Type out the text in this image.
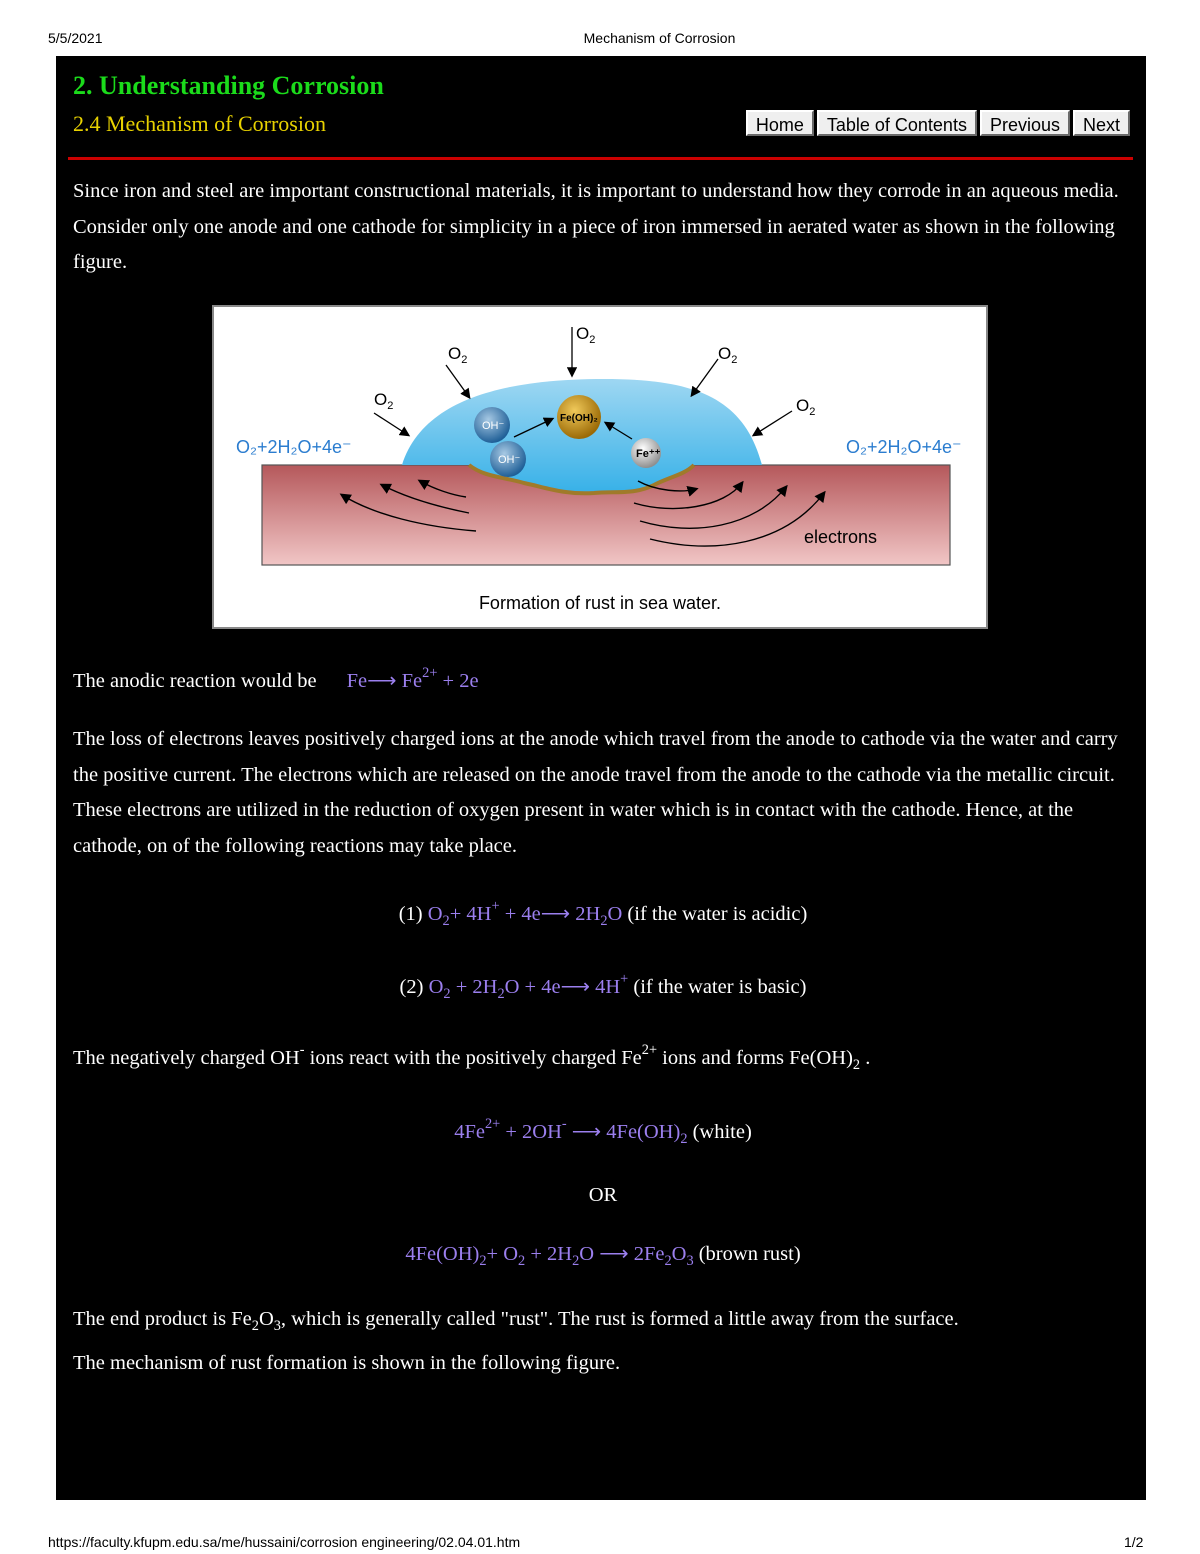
5/5/2021	Mechanism of Corrosion
2. Understanding Corrosion
2.4 Mechanism of Corrosion	Home	Table of Contents	Previous	Next
Since iron and steel are important constructional materials, it is important to understand how they corrode in an aqueous media. Consider only one anode and one cathode for simplicity in a piece of iron immersed in aerated water as shown in the following figure.
$O_2$
$O_2$
$O_2$
$O_2$
$O_2$
O₂+2H₂O+4e⁻	O₂+2H₂O+4e⁻
OH⁻
OH⁻
Fe(OH)₂
Fe⁺⁺
electrons
Formation of rust in sea water.
The anodic reaction would be Fe⟶ $Fe^{2+} + 2e$
The loss of electrons leaves positively charged ions at the anode which travel from the anode to cathode via the water and carry the positive current. The electrons which are released on the anode travel from the anode to the cathode via the metallic circuit. These electrons are utilized in the reduction of oxygen present in water which is in contact with the cathode. Hence, at the cathode, on of the following reactions may take place.
(1) $O_2+ 4H^+$ + 4e⟶ $2H_2O$ (if the water is acidic)
(2) $O_2 + 2H_2O$ + 4e⟶ 4H+ (if the water is basic)
The negatively charged OH- ions react with the positively charged $Fe^{2+}$ ions and forms $Fe(OH)_2$ .
$4Fe^{2+} + 2OH^-$ ⟶ $4Fe(OH)_2$ (white)
OR
$4Fe(OH)_2+ O_2 + 2H_2O$ ⟶ $2Fe_2O_3$ (brown rust)
The end product is $Fe_2O_3$, which is generally called "rust". The rust is formed a little away from the surface.
The mechanism of rust formation is shown in the following figure.
https://faculty.kfupm.edu.sa/me/hussaini/corrosion engineering/02.04.01.htm	1/2
